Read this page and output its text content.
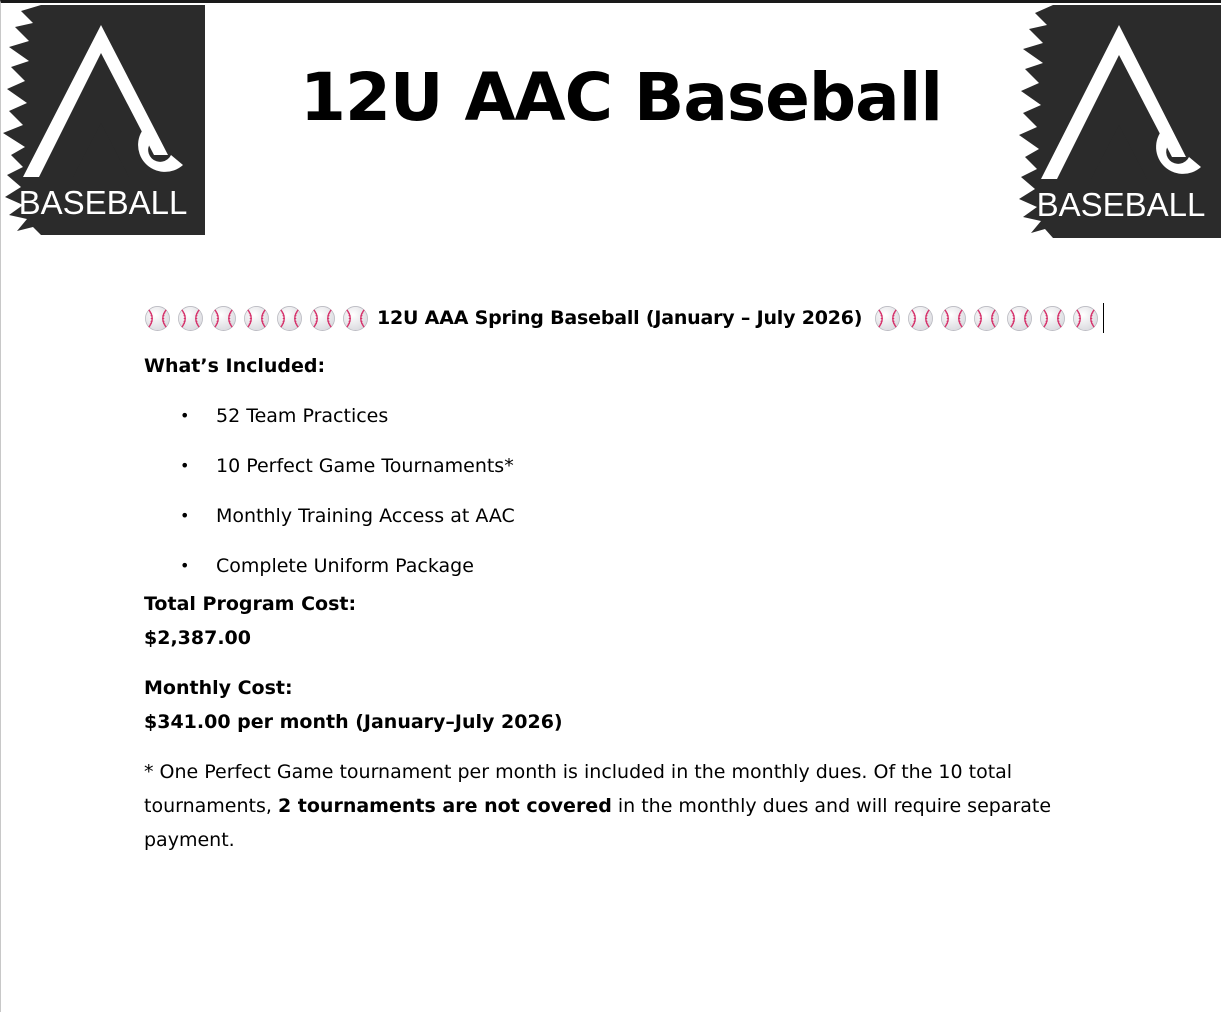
BASEBALL	BASEBALL
12U AAC Baseball
12U AAA Spring Baseball (January – July 2026)

What’s Included:

• 52 Team Practices
• 10 Perfect Game Tournaments*
• Monthly Training Access at AAC
• Complete Uniform Package

Total Program Cost:

$2,387.00

Monthly Cost:

$341.00 per month (January–July 2026)

* One Perfect Game tournament per month is included in the monthly dues. Of the 10 total tournaments, 2 tournaments are not covered in the monthly dues and will require separate payment.
